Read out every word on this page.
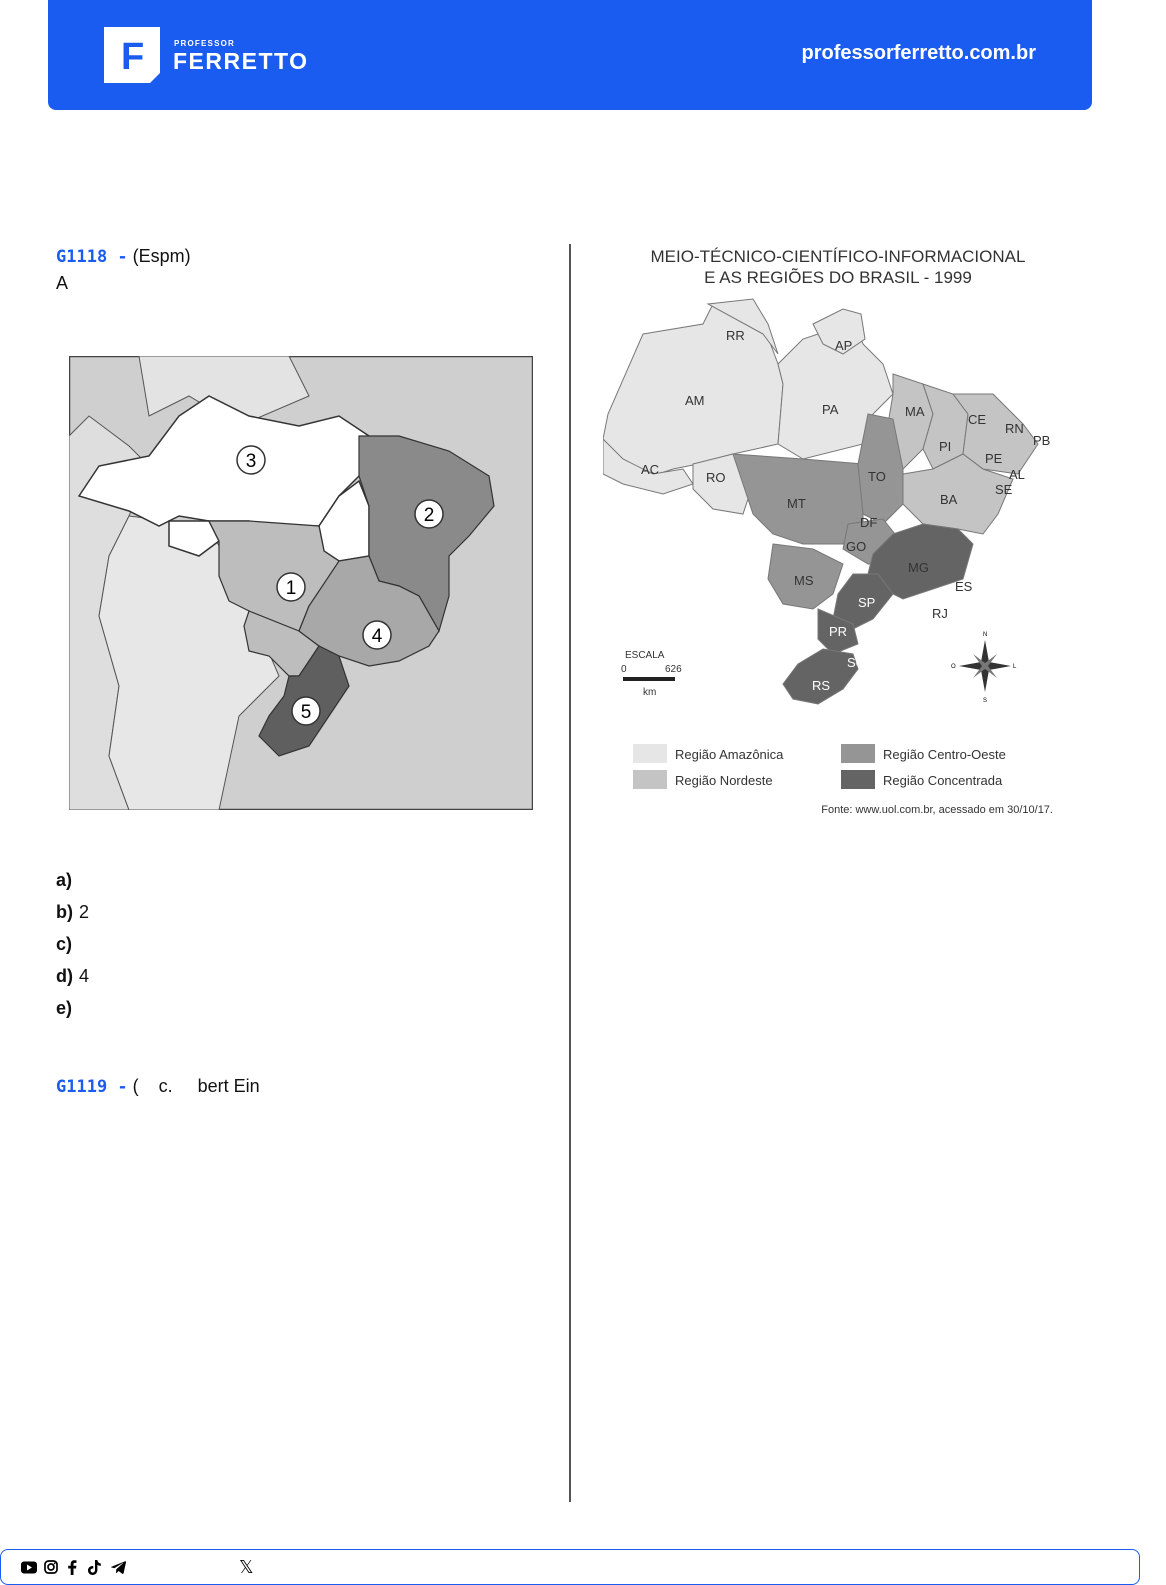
F	PROFESSOR
FERRETTO	professorferretto.com.br
G1118 - (Espm)
A
1
2
3
4
5
a)
b) 2
c)
d) 4
e)
G1119 - (    c.     bert Ein
MEIO-TÉCNICO-CIENTÍFICO-INFORMACIONAL
E AS REGIÕES DO BRASIL - 1999
RR
AP
AM
PA	MA
CE
RN
PB
PI
PE
AL
SE
AC
RO	TO
BA
MT
DF
GO
MG
ES
MS
SP
RJ
PR
SC
RS
ESCALA
0	626
km
N
S
L
O
Região Amazônica
Região Nordeste
Região Centro-Oeste
Região Concentrada
Fonte: www.uol.com.br, acessado em 30/10/17.
𝕏
